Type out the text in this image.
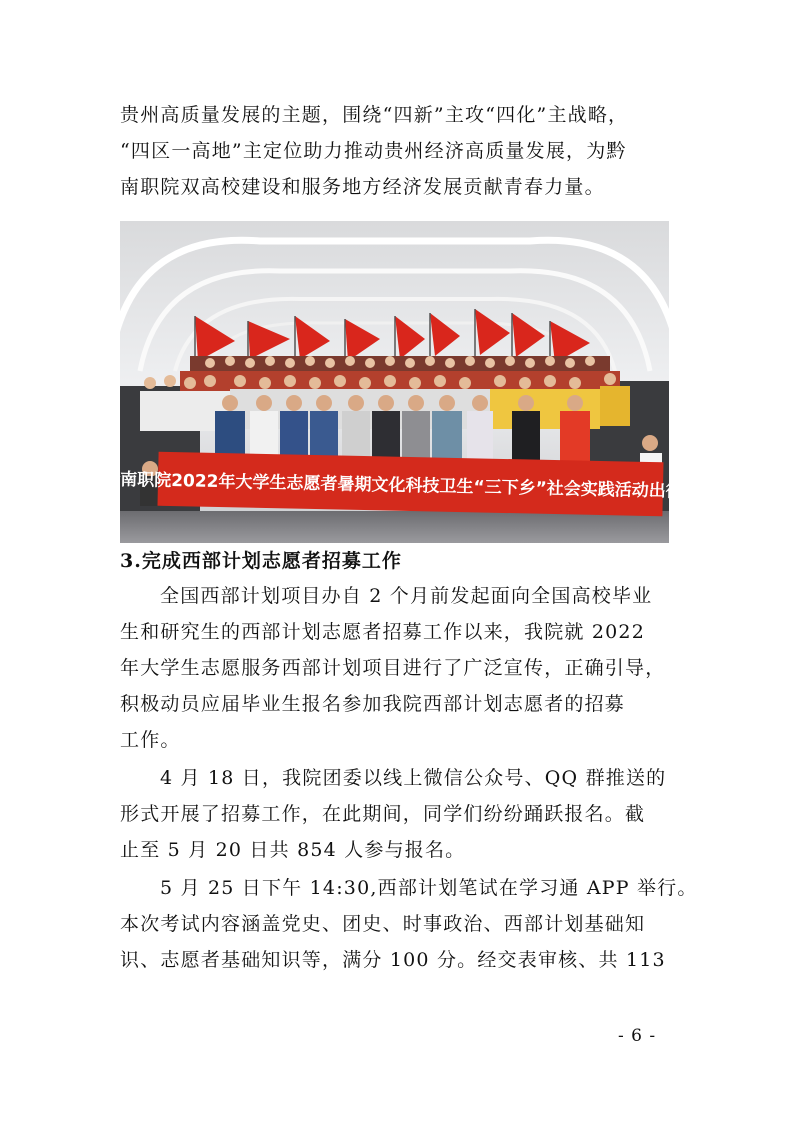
贵州高质量发展的主题，围绕“四新”主攻“四化”主战略，
“四区一高地”主定位助力推动贵州经济高质量发展，为黔
南职院双高校建设和服务地方经济发展贡献青春力量。
黔南职院2022年大学生志愿者暑期文化科技卫生“三下乡”社会实践活动出征仪式
3.完成西部计划志愿者招募工作
全国西部计划项目办自 2 个月前发起面向全国高校毕业
生和研究生的西部计划志愿者招募工作以来，我院就 2022
年大学生志愿服务西部计划项目进行了广泛宣传，正确引导，
积极动员应届毕业生报名参加我院西部计划志愿者的招募
工作。
4 月 18 日，我院团委以线上微信公众号、QQ 群推送的
形式开展了招募工作，在此期间，同学们纷纷踊跃报名。截
止至 5 月 20 日共 854 人参与报名。
5 月 25 日下午 14:30,西部计划笔试在学习通 APP 举行。
本次考试内容涵盖党史、团史、时事政治、西部计划基础知
识、志愿者基础知识等，满分 100 分。经交表审核、共 113
- 6 -
